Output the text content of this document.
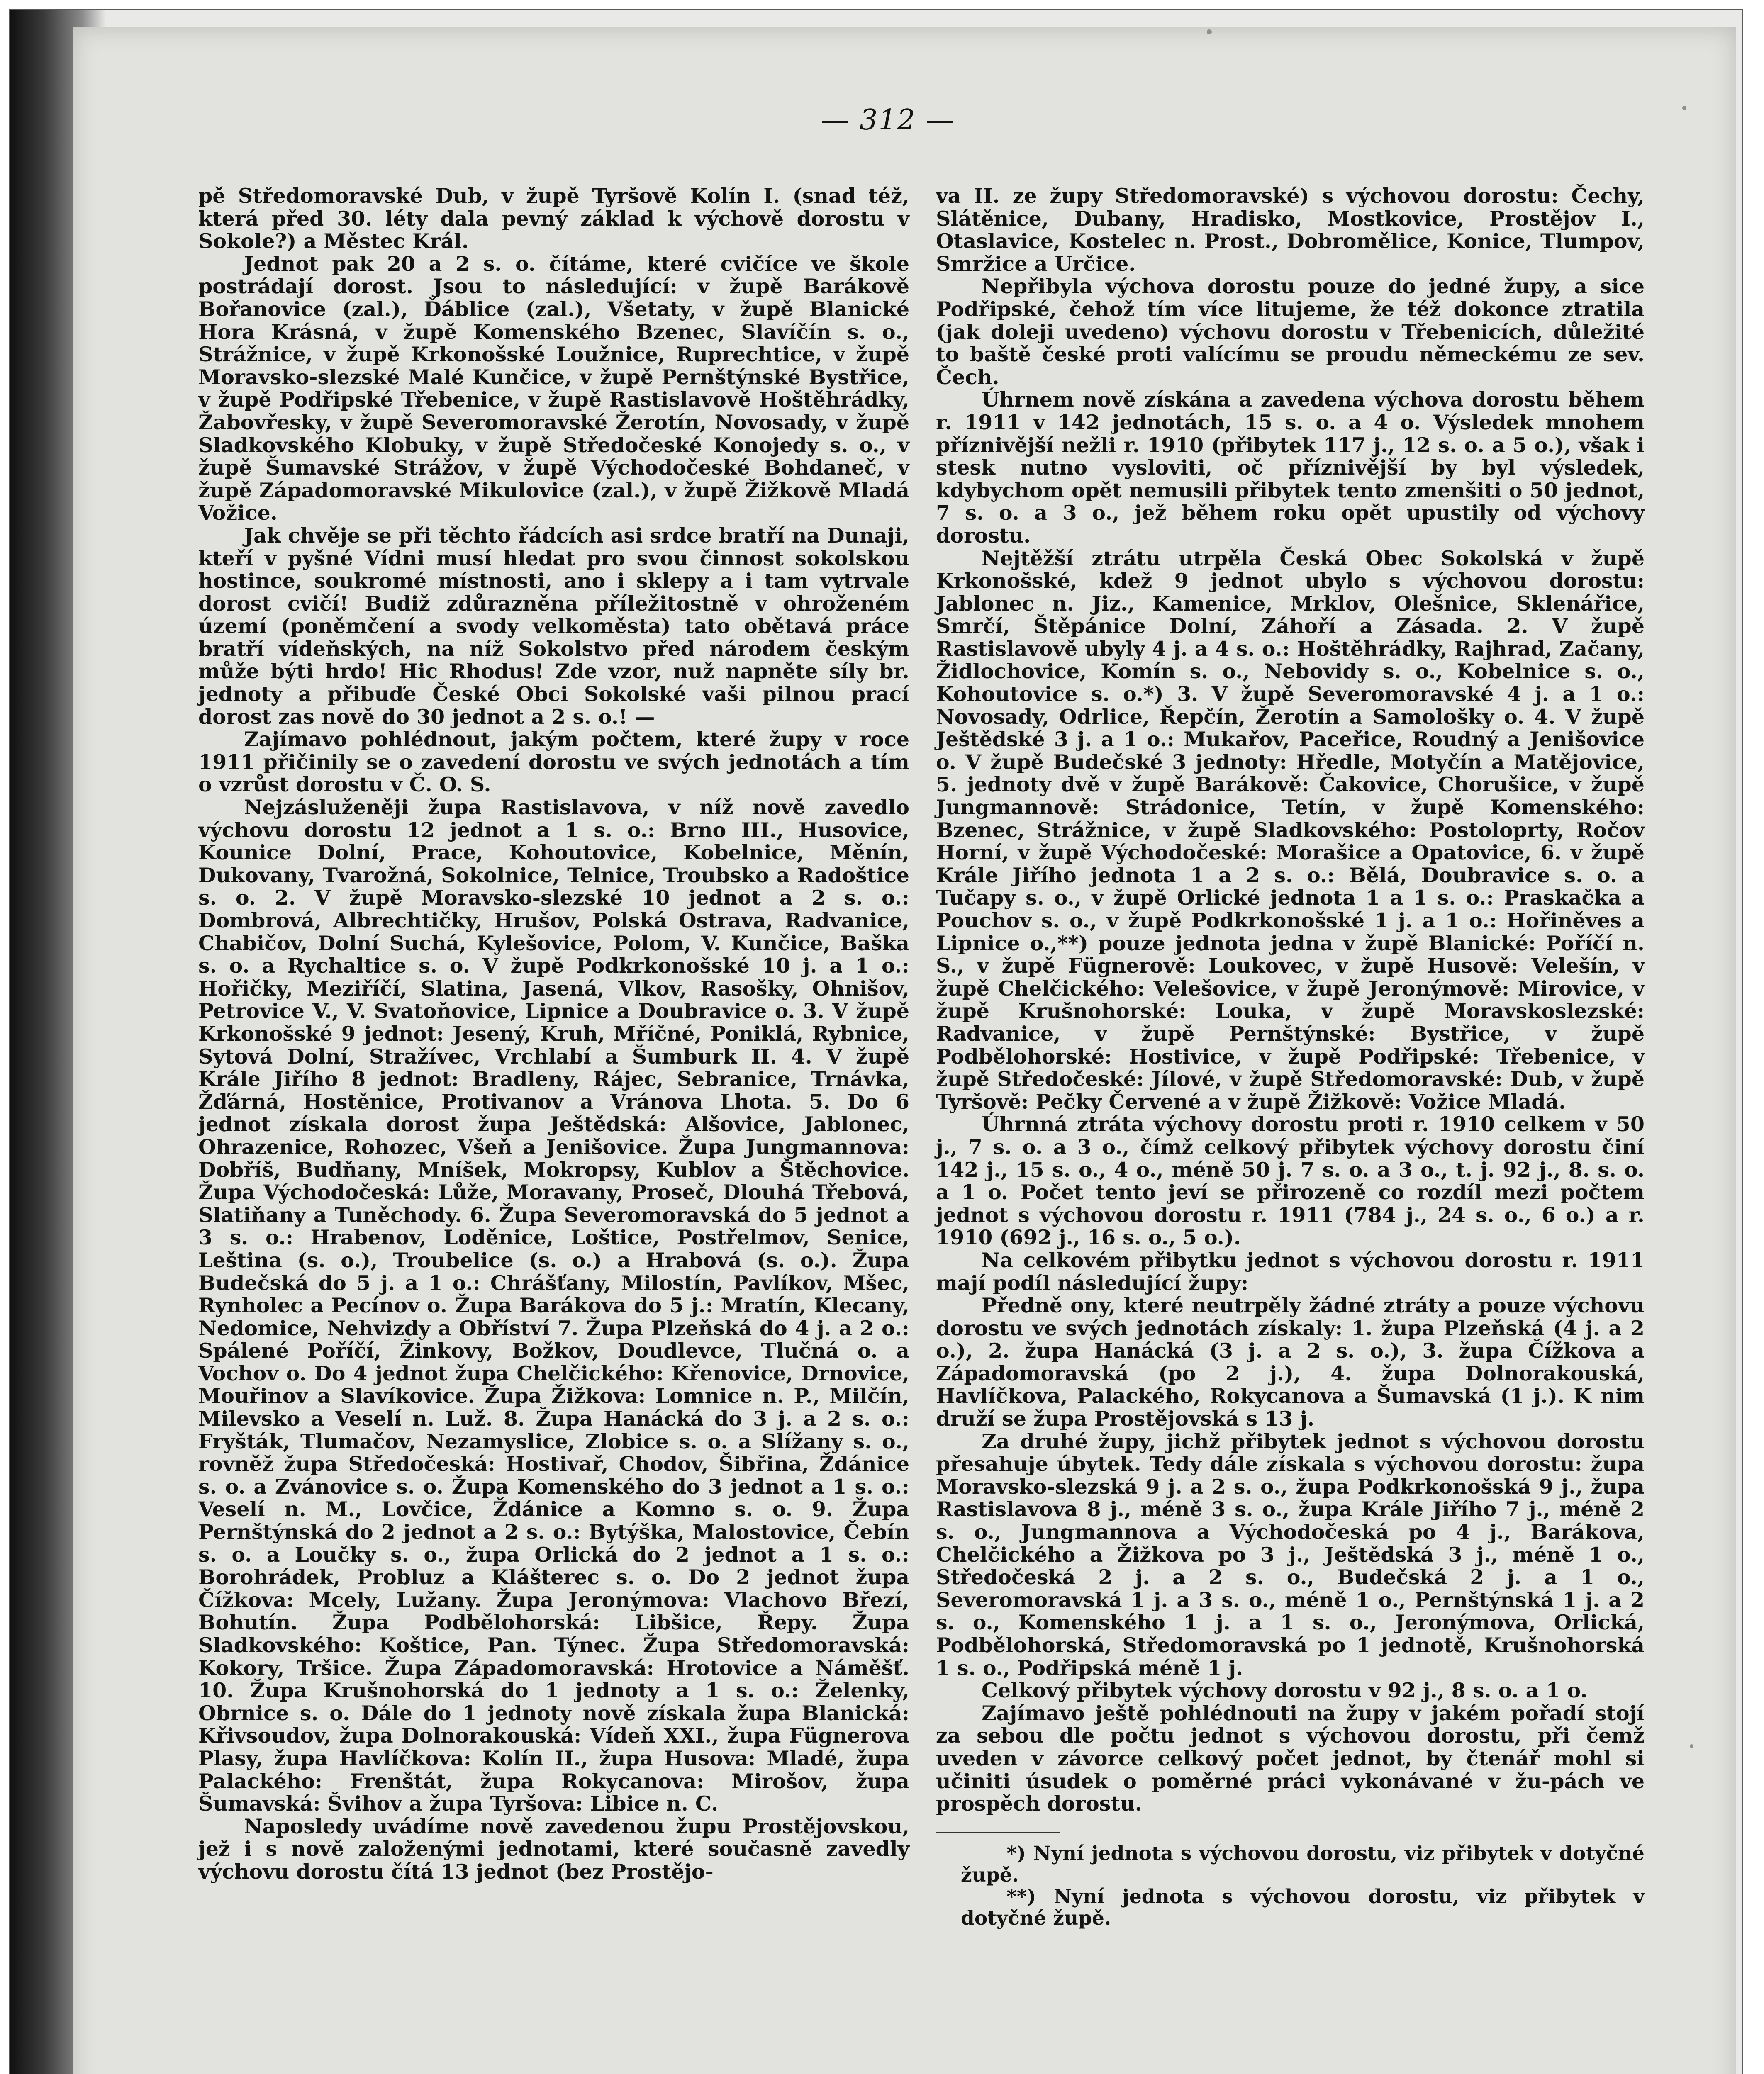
— 312 —

pě Středomoravské Dub, v župě Tyršově Kolín I. (snad též, která před 30. léty dala pevný základ k výchově dorostu v Sokole?) a Městec Král.

Jednot pak 20 a 2 s. o. čítáme, které cvičíce ve škole postrádají dorost. Jsou to následující: v župě Barákově Bořanovice (zal.), Ďáblice (zal.), Všetaty, v župě Blanické Hora Krásná, v župě Komenského Bzenec, Slavíčín s. o., Strážnice, v župě Krkonošské Loužnice, Ruprechtice, v župě Moravsko-slezské Malé Kunčice, v župě Pernštýnské Bystřice, v župě Podřipské Třebenice, v župě Rastislavově Hoštěhrádky, Žabovřesky, v župě Severomoravské Žerotín, Novosady, v župě Sladkovského Klobuky, v župě Středočeské Konojedy s. o., v župě Šumavské Strážov, v župě Východočeské Bohdaneč, v župě Západomoravské Mikulovice (zal.), v župě Žižkově Mladá Vožice.

Jak chvěje se při těchto řádcích asi srdce bratří na Dunaji, kteří v pyšné Vídni musí hledat pro svou činnost sokolskou hostince, soukromé místnosti, ano i sklepy a i tam vytrvale dorost cvičí! Budiž zdůrazněna příležitostně v ohroženém území (poněmčení a svody velkoměsta) tato obětavá práce bratří vídeňských, na níž Sokolstvo před národem českým může býti hrdo! Hic Rhodus! Zde vzor, nuž napněte síly br. jednoty a přibuďe České Obci Sokolské vaši pilnou prací dorost zas nově do 30 jednot a 2 s. o.! —

Zajímavo pohlédnout, jakým počtem, které župy v roce 1911 přičinily se o zavedení dorostu ve svých jednotách a tím o vzrůst dorostu v Č. O. S.

Nejzásluženěji župa Rastislavova, v níž nově zavedlo výchovu dorostu 12 jednot a 1 s. o.: Brno III., Husovice, Kounice Dolní, Prace, Kohoutovice, Kobelnice, Měnín, Dukovany, Tvarožná, Sokolnice, Telnice, Troubsko a Radoštice s. o. 2. V župě Moravsko-slezské 10 jednot a 2 s. o.: Dombrová, Albrechtičky, Hrušov, Polská Ostrava, Radvanice, Chabičov, Dolní Suchá, Kylešovice, Polom, V. Kunčice, Baška s. o. a Rychaltice s. o. V župě Podkrkonošské 10 j. a 1 o.: Hořičky, Meziříčí, Slatina, Jasená, Vlkov, Rasošky, Ohnišov, Petrovice V., V. Svatoňovice, Lipnice a Doubravice o. 3. V župě Krkonošské 9 jednot: Jesený, Kruh, Mříčné, Poniklá, Rybnice, Sytová Dolní, Stražívec, Vrchlabí a Šumburk II. 4. V župě Krále Jiřího 8 jednot: Bradleny, Rájec, Sebranice, Trnávka, Žďárná, Hostěnice, Protivanov a Vránova Lhota. 5. Do 6 jednot získala dorost župa Ještědská: Alšovice, Jablonec, Ohrazenice, Rohozec, Všeň a Jenišovice. Župa Jungmannova: Dobříš, Budňany, Mníšek, Mokropsy, Kublov a Štěchovice. Župa Východočeská: Lůže, Moravany, Proseč, Dlouhá Třebová, Slatiňany a Tuněchody. 6. Župa Severomoravská do 5 jednot a 3 s. o.: Hrabenov, Loděnice, Loštice, Postřelmov, Senice, Leština (s. o.), Troubelice (s. o.) a Hrabová (s. o.). Župa Budečská do 5 j. a 1 o.: Chrášťany, Milostín, Pavlíkov, Mšec, Rynholec a Pecínov o. Župa Barákova do 5 j.: Mratín, Klecany, Nedomice, Nehvizdy a Obříství 7. Župa Plzeňská do 4 j. a 2 o.: Spálené Poříčí, Žinkovy, Božkov, Doudlevce, Tlučná o. a Vochov o. Do 4 jednot župa Chelčického: Křenovice, Drnovice, Mouřinov a Slavíkovice. Župa Žižkova: Lomnice n. P., Milčín, Milevsko a Veselí n. Luž. 8. Župa Hanácká do 3 j. a 2 s. o.: Fryšták, Tlumačov, Nezamyslice, Zlobice s. o. a Slížany s. o., rovněž župa Středočeská: Hostivař, Chodov, Šibřina, Ždánice s. o. a Zvánovice s. o. Župa Komenského do 3 jednot a 1 s. o.: Veselí n. M., Lovčice, Ždánice a Komno s. o. 9. Župa Pernštýnská do 2 jednot a 2 s. o.: Bytýška, Malostovice, Čebín s. o. a Loučky s. o., župa Orlická do 2 jednot a 1 s. o.: Borohrádek, Probluz a Klášterec s. o. Do 2 jednot župa Čížkova: Mcely, Lužany. Župa Jeronýmova: Vlachovo Březí, Bohutín. Župa Podbělohorská: Libšice, Řepy. Župa Sladkovského: Koštice, Pan. Týnec. Župa Středomoravská: Kokory, Tršice. Župa Západomoravská: Hrotovice a Náměšť. 10. Župa Krušnohorská do 1 jednoty a 1 s. o.: Želenky, Obrnice s. o. Dále do 1 jednoty nově získala župa Blanická: Křivsoudov, župa Dolnorakouská: Vídeň XXI., župa Fügnerova Plasy, župa Havlíčkova: Kolín II., župa Husova: Mladé, župa Palackého: Frenštát, župa Rokycanova: Mirošov, župa Šumavská: Švihov a župa Tyršova: Libice n. C.

Naposledy uvádíme nově zavedenou župu Prostějovskou, jež i s nově založenými jednotami, které současně zavedly výchovu dorostu čítá 13 jednot (bez Prostějo-

va II. ze župy Středomoravské) s výchovou dorostu: Čechy, Slátěnice, Dubany, Hradisko, Mostkovice, Prostějov I., Otaslavice, Kostelec n. Prost., Dobromělice, Konice, Tlumpov, Smržice a Určice.

Nepřibyla výchova dorostu pouze do jedné župy, a sice Podřipské, čehož tím více litujeme, že též dokonce ztratila (jak doleji uvedeno) výchovu dorostu v Třebenicích, důležité to baště české proti valícímu se proudu německému ze sev. Čech.

Úhrnem nově získána a zavedena výchova dorostu během r. 1911 v 142 jednotách, 15 s. o. a 4 o. Výsledek mnohem příznivější nežli r. 1910 (přibytek 117 j., 12 s. o. a 5 o.), však i stesk nutno vysloviti, oč příznivější by byl výsledek, kdybychom opět nemusili přibytek tento zmenšiti o 50 jednot, 7 s. o. a 3 o., jež během roku opět upustily od výchovy dorostu.

Nejtěžší ztrátu utrpěla Česká Obec Sokolská v župě Krkonošské, kdež 9 jednot ubylo s výchovou dorostu: Jablonec n. Jiz., Kamenice, Mrklov, Olešnice, Sklenářice, Smrčí, Štěpánice Dolní, Záhoří a Zásada. 2. V župě Rastislavově ubyly 4 j. a 4 s. o.: Hoštěhrádky, Rajhrad, Začany, Židlochovice, Komín s. o., Nebovidy s. o., Kobelnice s. o., Kohoutovice s. o.*) 3. V župě Severomoravské 4 j. a 1 o.: Novosady, Odrlice, Řepčín, Žerotín a Samološky o. 4. V župě Ještědské 3 j. a 1 o.: Mukařov, Paceřice, Roudný a Jenišovice o. V župě Budečské 3 jednoty: Hředle, Motyčín a Matějovice, 5. jednoty dvě v župě Barákově: Čakovice, Chorušice, v župě Jungmannově: Strádonice, Tetín, v župě Komenského: Bzenec, Strážnice, v župě Sladkovského: Postoloprty, Ročov Horní, v župě Východočeské: Morašice a Opatovice, 6. v župě Krále Jiřího jednota 1 a 2 s. o.: Bělá, Doubravice s. o. a Tučapy s. o., v župě Orlické jednota 1 a 1 s. o.: Praskačka a Pouchov s. o., v župě Podkrkonošské 1 j. a 1 o.: Hořiněves a Lipnice o.,**) pouze jednota jedna v župě Blanické: Poříčí n. S., v župě Fügnerově: Loukovec, v župě Husově: Velešín, v župě Chelčického: Velešovice, v župě Jeronýmově: Mirovice, v župě Krušnohorské: Louka, v župě Moravskoslezské: Radvanice, v župě Pernštýnské: Bystřice, v župě Podbělohorské: Hostivice, v župě Podřipské: Třebenice, v župě Středočeské: Jílové, v župě Středomoravské: Dub, v župě Tyršově: Pečky Červené a v župě Žižkově: Vožice Mladá.

Úhrnná ztráta výchovy dorostu proti r. 1910 celkem v 50 j., 7 s. o. a 3 o., čímž celkový přibytek výchovy dorostu činí 142 j., 15 s. o., 4 o., méně 50 j. 7 s. o. a 3 o., t. j. 92 j., 8. s. o. a 1 o. Počet tento jeví se přirozeně co rozdíl mezi počtem jednot s výchovou dorostu r. 1911 (784 j., 24 s. o., 6 o.) a r. 1910 (692 j., 16 s. o., 5 o.).

Na celkovém přibytku jednot s výchovou dorostu r. 1911 mají podíl následující župy:

Předně ony, které neutrpěly žádné ztráty a pouze výchovu dorostu ve svých jednotách získaly: 1. župa Plzeňská (4 j. a 2 o.), 2. župa Hanácká (3 j. a 2 s. o.), 3. župa Čížkova a Západomoravská (po 2 j.), 4. župa Dolnorakouská, Havlíčkova, Palackého, Rokycanova a Šumavská (1 j.). K nim druží se župa Prostějovská s 13 j.

Za druhé župy, jichž přibytek jednot s výchovou dorostu přesahuje úbytek. Tedy dále získala s výchovou dorostu: župa Moravsko-slezská 9 j. a 2 s. o., župa Podkrkonošská 9 j., župa Rastislavova 8 j., méně 3 s. o., župa Krále Jiřího 7 j., méně 2 s. o., Jungmannova a Východočeská po 4 j., Barákova, Chelčického a Žižkova po 3 j., Ještědská 3 j., méně 1 o., Středočeská 2 j. a 2 s. o., Budečská 2 j. a 1 o., Severomoravská 1 j. a 3 s. o., méně 1 o., Pernštýnská 1 j. a 2 s. o., Komenského 1 j. a 1 s. o., Jeronýmova, Orlická, Podbělohorská, Středomoravská po 1 jednotě, Krušnohorská 1 s. o., Podřipská méně 1 j.

Celkový přibytek výchovy dorostu v 92 j., 8 s. o. a 1 o.

Zajímavo ještě pohlédnouti na župy v jakém pořadí stojí za sebou dle počtu jednot s výchovou dorostu, při čemž uveden v závorce celkový počet jednot, by čtenář mohl si učiniti úsudek o poměrné práci vykonávané v žu-pách ve prospěch dorostu.

*) Nyní jednota s výchovou dorostu, viz přibytek v dotyčné župě.

**) Nyní jednota s výchovou dorostu, viz přibytek v dotyčné župě.
